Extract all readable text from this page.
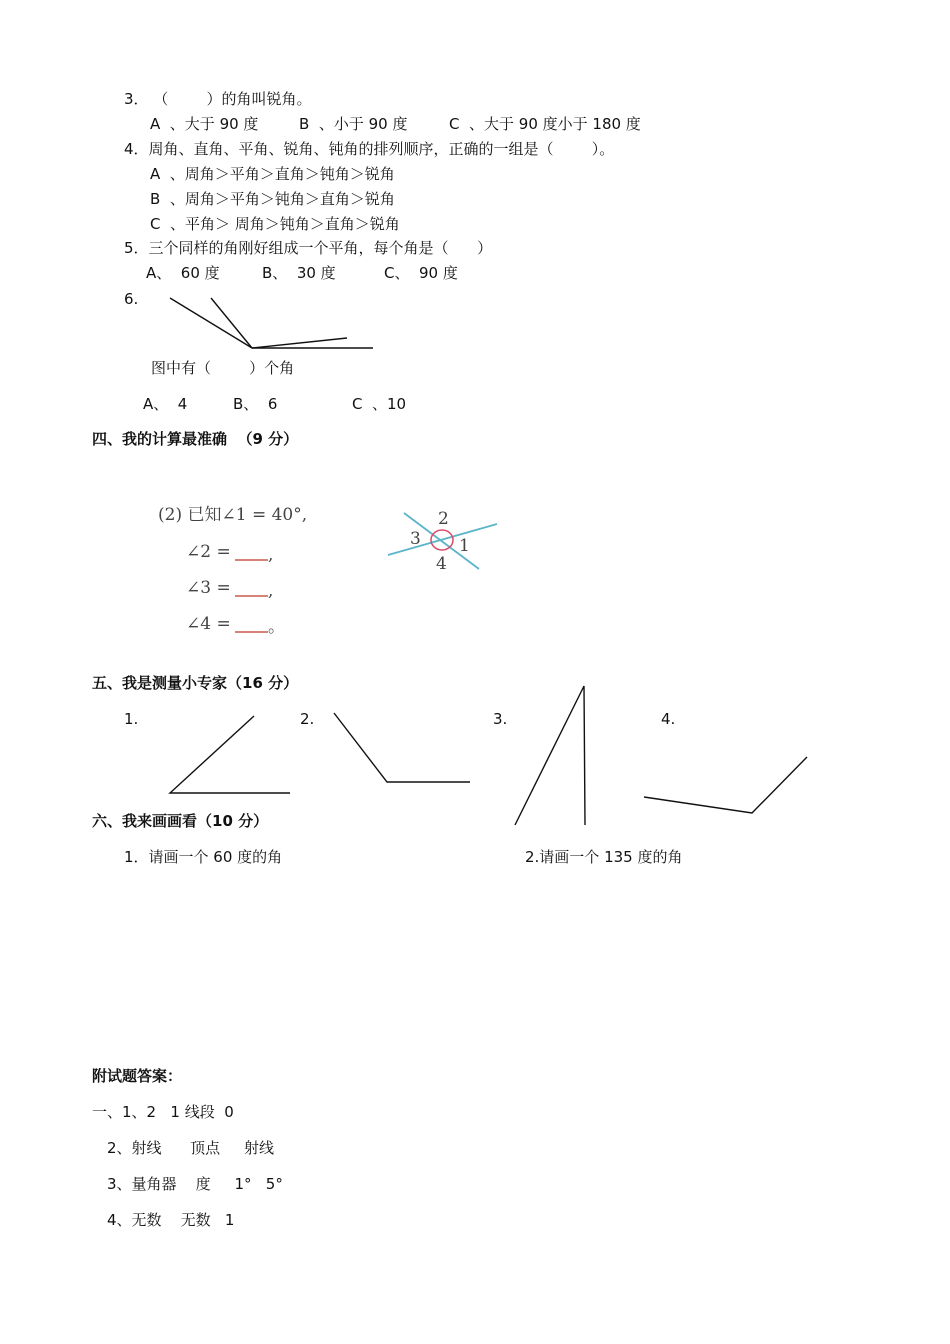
3． （        ）的角叫锐角。
A  、大于 90 度	B  、小于 90 度	C  、大于 90 度小于 180 度
4．周角、直角、平角、锐角、钝角的排列顺序，正确的一组是（        ）。
A  、周角＞平角＞直角＞钝角＞锐角
B  、周角＞平角＞钝角＞直角＞锐角
C  、平角＞ 周角＞钝角＞直角＞锐角
5．三个同样的角刚好组成一个平角，每个角是（      ）
A、  60 度	B、  30 度	C、  90 度
6.
图中有（        ）个角
A、  4	B、  6	C  、10
四、我的计算最准确  （9 分）
(2) 已知∠1 = 40°,
∠2 = ,
∠3 = ,
∠4 = 。
2
3 1
4
五、我是测量小专家（16 分）
1.	2.	3.	4.
六、我来画画看（10 分）
1．请画一个 60 度的角	2.请画一个 135 度的角
附试题答案：
一、1、2   1 线段  0
2、射线      顶点     射线
3、量角器    度     1°   5°
4、无数    无数   1
